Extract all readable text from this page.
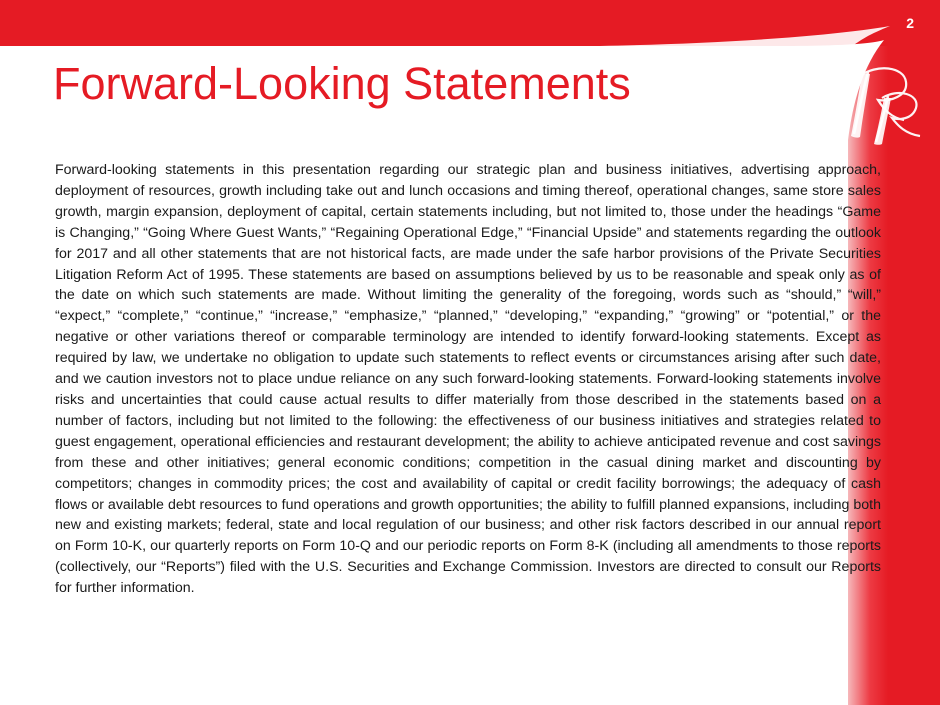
2
Forward-Looking Statements

Forward-looking statements in this presentation regarding our strategic plan and business initiatives, advertising approach, deployment of resources, growth including take out and lunch occasions and timing thereof, operational changes, same store sales growth, margin expansion, deployment of capital, certain statements including, but not limited to, those under the headings “Game is Changing,” “Going Where Guest Wants,” “Regaining Operational Edge,” “Financial Upside” and statements regarding the outlook for 2017 and all other statements that are not historical facts, are made under the safe harbor provisions of the Private Securities Litigation Reform Act of 1995. These statements are based on assumptions believed by us to be reasonable and speak only as of the date on which such statements are made. Without limiting the generality of the foregoing, words such as “should,” “will,” “expect,” “complete,” “continue,” “increase,” “emphasize,” “planned,” “developing,” “expanding,” “growing” or “potential,” or the negative or other variations thereof or comparable terminology are intended to identify forward-looking statements. Except as required by law, we undertake no obligation to update such statements to reflect events or circumstances arising after such date, and we caution investors not to place undue reliance on any such forward-looking statements. Forward-looking statements involve risks and uncertainties that could cause actual results to differ materially from those described in the statements based on a number of factors, including but not limited to the following: the effectiveness of our business initiatives and strategies related to guest engagement, operational efficiencies and restaurant development; the ability to achieve anticipated revenue and cost savings from these and other initiatives; general economic conditions; competition in the casual dining market and discounting by competitors; changes in commodity prices; the cost and availability of capital or credit facility borrowings; the adequacy of cash flows or available debt resources to fund operations and growth opportunities; the ability to fulfill planned expansions, including both new and existing markets; federal, state and local regulation of our business; and other risk factors described in our annual report on Form 10-K, our quarterly reports on Form 10-Q and our periodic reports on Form 8-K (including all amendments to those reports (collectively, our “Reports”) filed with the U.S. Securities and Exchange Commission. Investors are directed to consult our Reports for further information.
